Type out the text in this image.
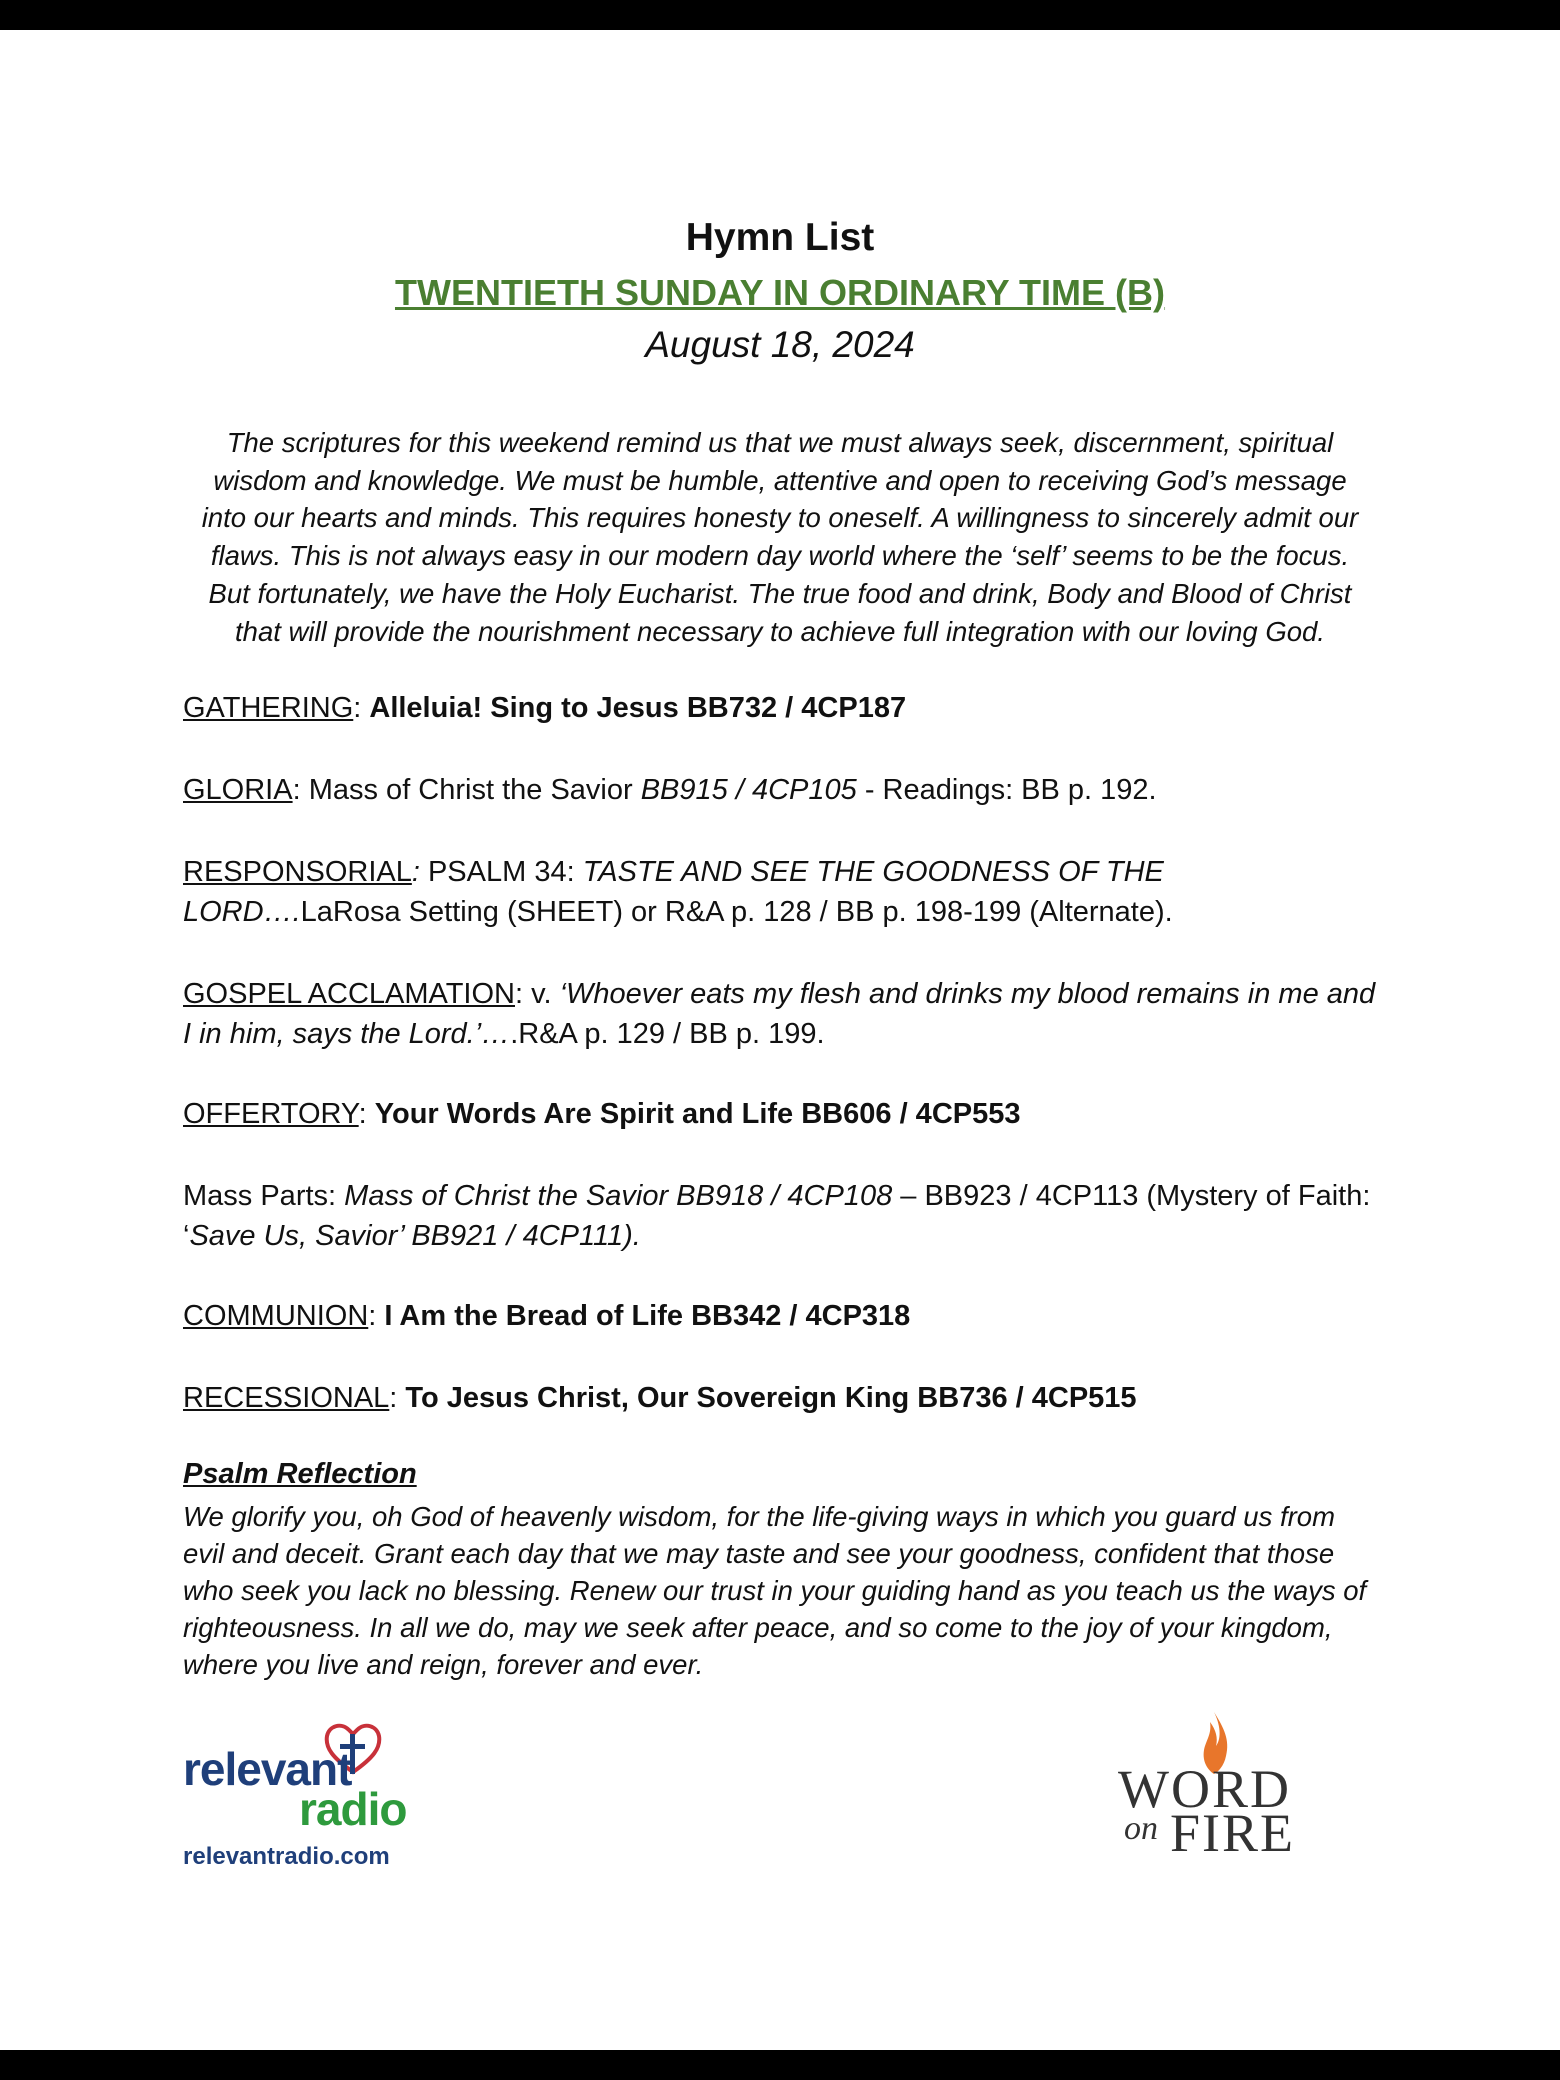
Hymn List
TWENTIETH SUNDAY IN ORDINARY TIME (B)
August 18, 2024
The scriptures for this weekend remind us that we must always seek, discernment, spiritual wisdom and knowledge. We must be humble, attentive and open to receiving God’s message into our hearts and minds. This requires honesty to oneself. A willingness to sincerely admit our flaws. This is not always easy in our modern day world where the ‘self’ seems to be the focus. But fortunately, we have the Holy Eucharist. The true food and drink, Body and Blood of Christ that will provide the nourishment necessary to achieve full integration with our loving God.
GATHERING: Alleluia! Sing to Jesus BB732 / 4CP187
GLORIA: Mass of Christ the Savior BB915 / 4CP105 - Readings: BB p. 192.
RESPONSORIAL: PSALM 34: TASTE AND SEE THE GOODNESS OF THE LORD….LaRosa Setting (SHEET) or R&A p. 128 / BB p. 198-199 (Alternate).
GOSPEL ACCLAMATION: v. ‘Whoever eats my flesh and drinks my blood remains in me and I in him, says the Lord.’….R&A p. 129 / BB p. 199.
OFFERTORY: Your Words Are Spirit and Life BB606 / 4CP553
Mass Parts: Mass of Christ the Savior BB918 / 4CP108 – BB923 / 4CP113 (Mystery of Faith: ‘Save Us, Savior’ BB921 / 4CP111).
COMMUNION: I Am the Bread of Life BB342 / 4CP318
RECESSIONAL: To Jesus Christ, Our Sovereign King BB736 / 4CP515
Psalm Reflection
We glorify you, oh God of heavenly wisdom, for the life-giving ways in which you guard us from evil and deceit. Grant each day that we may taste and see your goodness, confident that those who seek you lack no blessing. Renew our trust in your guiding hand as you teach us the ways of righteousness. In all we do, may we seek after peace, and so come to the joy of your kingdom, where you live and reign, forever and ever.
relevant
radio
relevantradio.com
WORD
on FIRE
